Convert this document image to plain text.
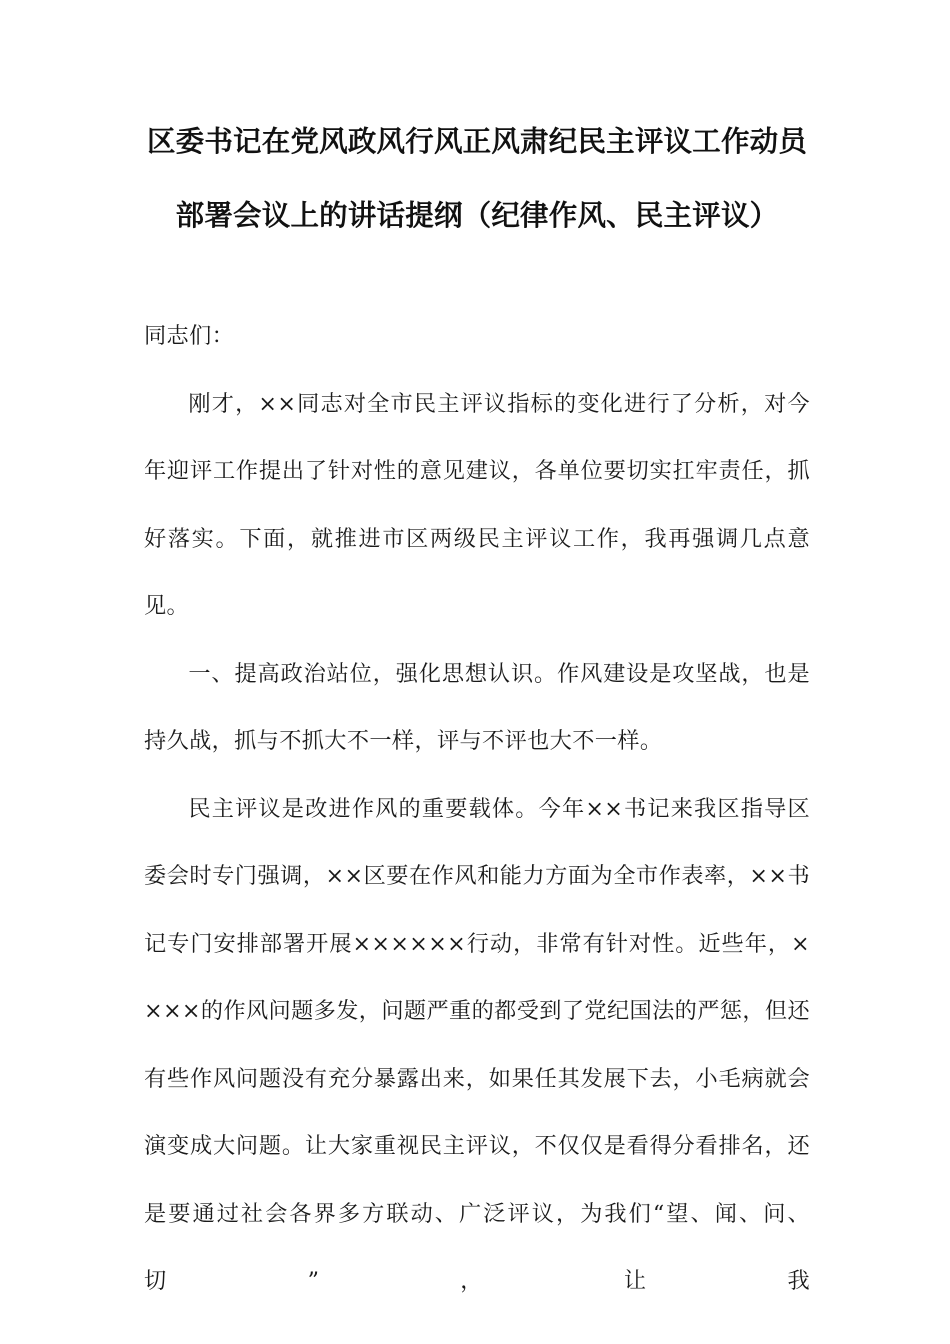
区委书记在党风政风行风正风肃纪民主评议工作动员
部署会议上的讲话提纲（纪律作风、民主评议）

同志们：

刚才，××同志对全市民主评议指标的变化进行了分析，对今年迎评工作提出了针对性的意见建议，各单位要切实扛牢责任，抓好落实。下面，就推进市区两级民主评议工作，我再强调几点意见。

一、提高政治站位，强化思想认识。作风建设是攻坚战，也是持久战，抓与不抓大不一样，评与不评也大不一样。

民主评议是改进作风的重要载体。今年××书记来我区指导区委会时专门强调，××区要在作风和能力方面为全市作表率，××书记专门安排部署开展××××××行动，非常有针对性。近些年，××××的作风问题多发，问题严重的都受到了党纪国法的严惩，但还有些作风问题没有充分暴露出来，如果任其发展下去，小毛病就会演变成大问题。让大家重视民主评议，不仅仅是看得分看排名，还是要通过社会各界多方联动、广泛评议，为我们“望、闻、问、切”，让我
